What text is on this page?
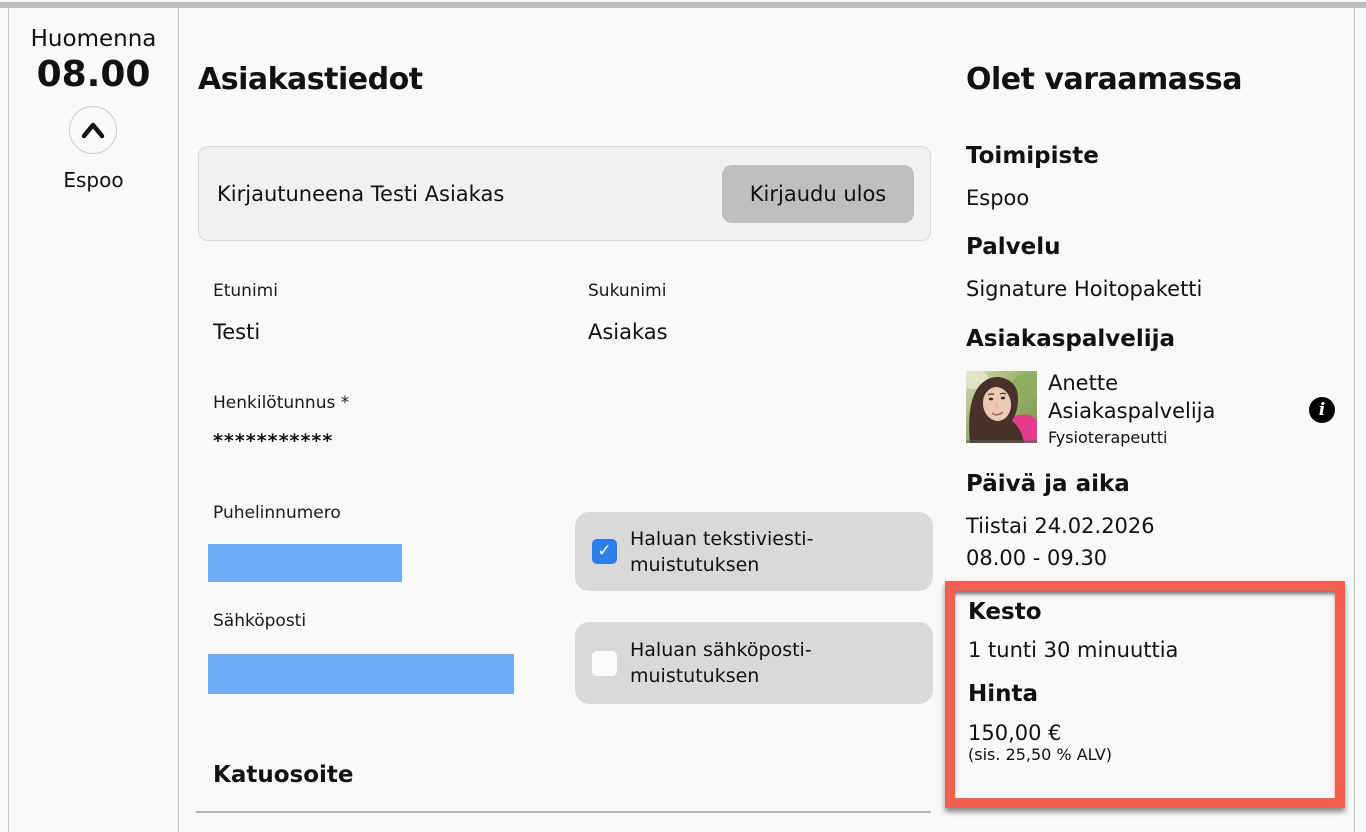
Huomenna
08.00
Espoo
Asiakastiedot
Kirjautuneena Testi Asiakas	Kirjaudu ulos
Etunimi
Testi
Sukunimi
Asiakas
Henkilötunnus *
***********
Puhelinnumero
Sähköposti
Katuosoite
✓
Haluan tekstiviesti-
muistutuksen
Haluan sähköposti-
muistutuksen
Olet varaamassa
Toimipiste
Espoo
Palvelu
Signature Hoitopaketti
Asiakaspalvelija
Anette
Asiakaspalvelija
Fysioterapeutti
i
Päivä ja aika
Tiistai 24.02.2026
08.00 - 09.30
Kesto
1 tunti 30 minuuttia
Hinta
150,00 €
(sis. 25,50 % ALV)
